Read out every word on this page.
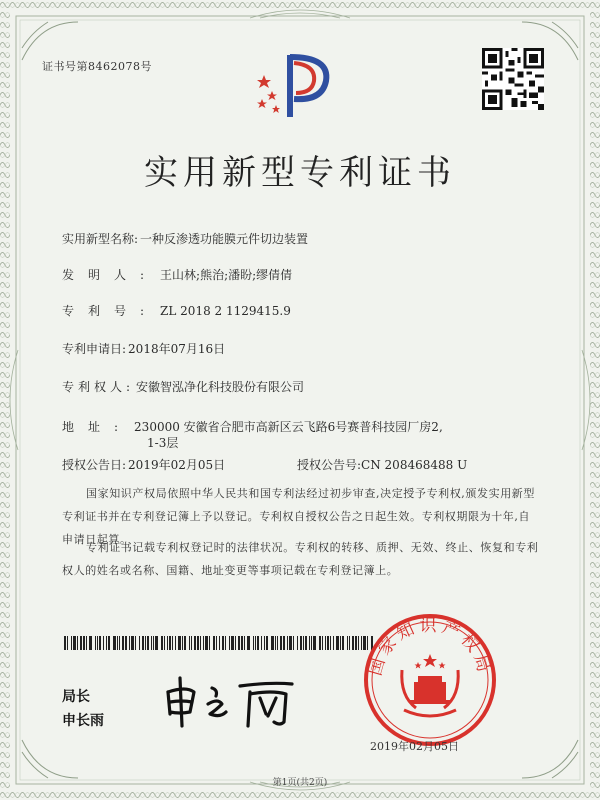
证书号第8462078号
实用新型专利证书
实用新型名称: 一种反渗透功能膜元件切边装置
发明人: 王山林;熊治;潘盼;缪倩倩
专利号: ZL 2018 2 1129415.9
专利申请日: 2018年07月16日
专利权人: 安徽智泓净化科技股份有限公司
地址: 230000 安徽省合肥市高新区云飞路6号赛普科技园厂房2,
1-3层
授权公告日: 2019年02月05日	授权公告号:CN 208468488 U
国家知识产权局依照中华人民共和国专利法经过初步审查,决定授予专利权,颁发实用新型专利证书并在专利登记簿上予以登记。专利权自授权公告之日起生效。专利权期限为十年,自申请日起算。
专利证书记载专利权登记时的法律状况。专利权的转移、质押、无效、终止、恢复和专利权人的姓名或名称、国籍、地址变更等事项记载在专利登记簿上。
局长
申长雨
国家知识产权局
2019年02月05日
第1页(共2页)
